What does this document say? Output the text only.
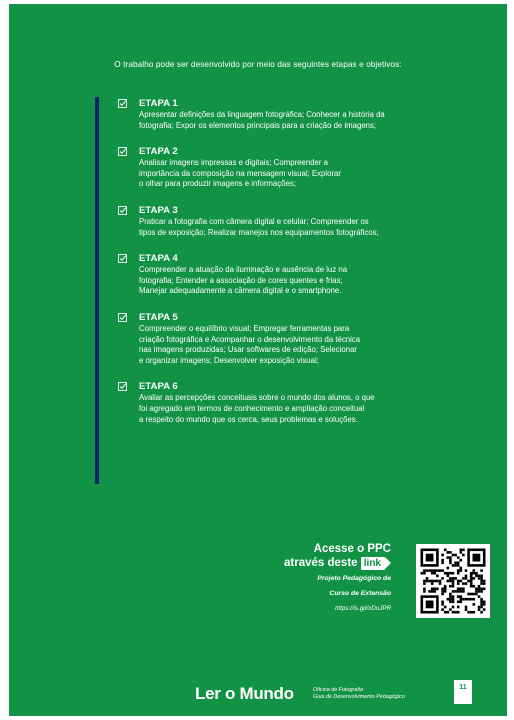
O trabalho pode ser desenvolvido por meio das seguintes etapas e objetivos:
ETAPA 1
Apresentar definições da linguagem fotográfica; Conhecer a história da
fotografia; Expor os elementos principais para a criação de imagens;
ETAPA 2
Analisar imagens impressas e digitais; Compreender a
importância da composição na mensagem visual; Explorar
o olhar para produzir imagens e informações;
ETAPA 3
Praticar a fotografia com câmera digital e celular; Compreender os
tipos de exposição; Realizar manejos nos equipamentos fotográficos;
ETAPA 4
Compreender a atuação da iluminação e ausência de luz na
fotografia; Entender a associação de cores quentes e frias;
Manejar adequadamente a câmera digital e o smartphone.
ETAPA 5
Compreender o equilíbrio visual; Empregar ferramentas para
criação fotográfica e Acompanhar o desenvolvimento da técnica
nas imagens produzidas; Usar softwares de edição; Selecionar
e organizar imagens; Desenvolver exposição visual;
ETAPA 6
Avaliar as percepções conceituais sobre o mundo dos alunos, o que
foi agregado em termos de conhecimento e ampliação conceitual
a respeito do mundo que os cerca, seus problemas e soluções.
Acesse o PPC
através deste link
Projeto Pedagógico de
Curso de Extensão
https://is.gd/xDoJPR
Ler o Mundo	Oficina de Fotografia
Guia de Desenvolvimento Pedagógico
11
